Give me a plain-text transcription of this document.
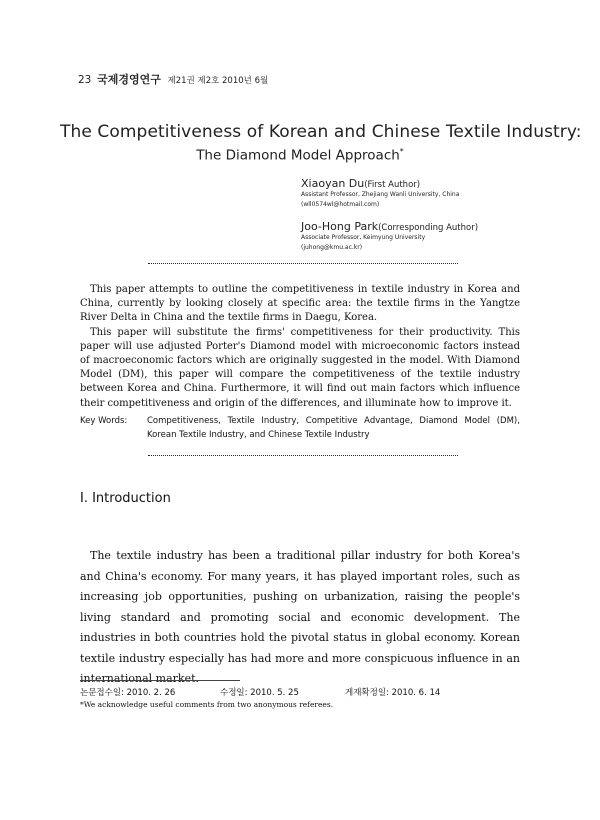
23 국제경영연구 제21권 제2호 2010년 6월
The Competitiveness of Korean and Chinese Textile Industry:
The Diamond Model Approach*
Xiaoyan Du(First Author)
Assistant Professor, Zhejiang Wanli University, China
(wll0574wl@hotmail.com)
Joo-Hong Park(Corresponding Author)
Associate Professor, Keimyung University
(juhong@kmu.ac.kr)

This paper attempts to outline the competitiveness in textile industry in Korea and China, currently by looking closely at specific area: the textile firms in the Yangtze River Delta in China and the textile firms in Daegu, Korea.

This paper will substitute the firms' competitiveness for their productivity. This paper will use adjusted Porter's Diamond model with microeconomic factors instead of macroeconomic factors which are originally suggested in the model. With Diamond Model (DM), this paper will compare the competitiveness of the textile industry between Korea and China. Furthermore, it will find out main factors which influence their competitiveness and origin of the differences, and illuminate how to improve it.

Key Words:	Competitiveness, Textile Industry, Competitive Advantage, Diamond Model (DM),
Korean Textile Industry, and Chinese Textile Industry
Ⅰ. Introduction

The textile industry has been a traditional pillar industry for both Korea's and China's economy. For many years, it has played important roles, such as increasing job opportunities, pushing on urbanization, raising the people's living standard and promoting social and economic development. The industries in both countries hold the pivotal status in global economy. Korean textile industry especially has had more and more conspicuous influence in an international market.

논문접수일: 2010. 2. 26	수정일: 2010. 5. 25	게재확정일: 2010. 6. 14
*We acknowledge useful comments from two anonymous referees.
